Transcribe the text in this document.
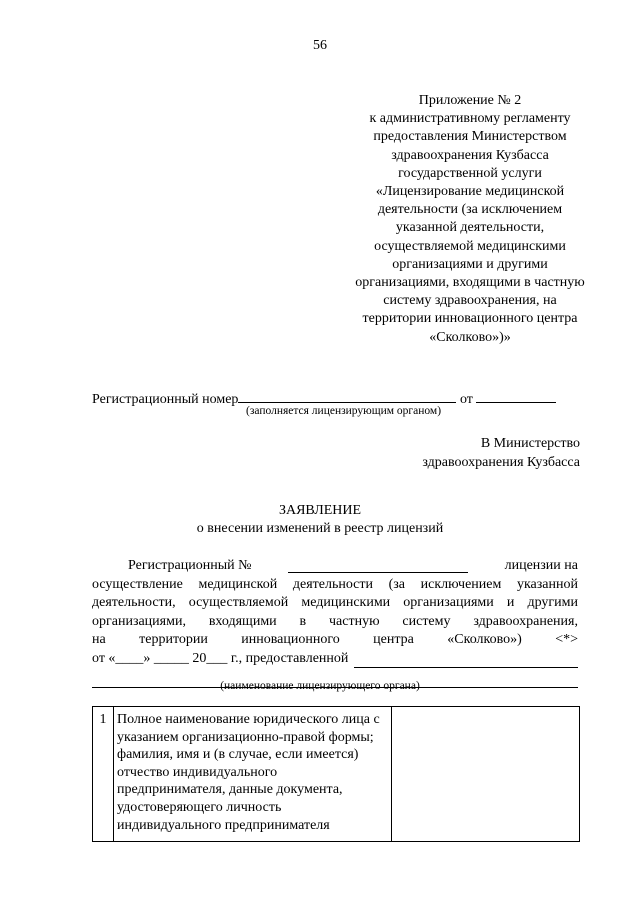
56
Приложение № 2
к административному регламенту
предоставления Министерством
здравоохранения Кузбасса
государственной услуги
«Лицензирование медицинской
деятельности (за исключением
указанной деятельности,
осуществляемой медицинскими
организациями и другими
организациями, входящими в частную
систему здравоохранения, на
территории инновационного центра
«Сколково»)»
Регистрационный номер	от
(заполняется лицензирующим органом)
В Министерство
здравоохранения Кузбасса
ЗАЯВЛЕНИЕ
о внесении изменений в реестр лицензий
Регистрационный №	лицензии на
осуществление медицинской деятельности (за исключением указанной
деятельности, осуществляемой медицинскими организациями и другими
организациями, входящими в частную систему здравоохранения,
на территории инновационного центра «Сколково») <*>
от «____» _____ 20___ г., предоставленной
(наименование лицензирующего органа)
1	Полное наименование юридического лица с указанием организационно-правой формы; фамилия, имя и (в случае, если имеется) отчество индивидуального предпринимателя, данные документа, удостоверяющего личность индивидуального предпринимателя	
